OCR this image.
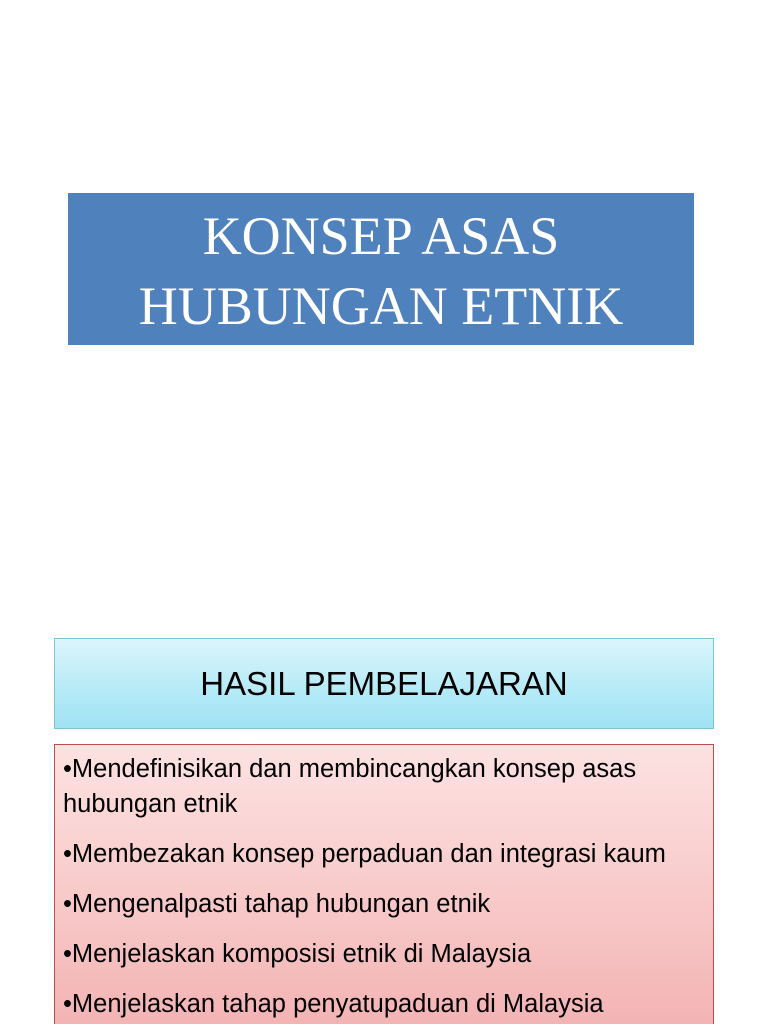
KONSEP ASAS
HUBUNGAN ETNIK
HASIL PEMBELAJARAN
•Mendefinisikan dan membincangkan konsep asas hubungan etnik
•Membezakan konsep perpaduan dan integrasi kaum
•Mengenalpasti tahap hubungan etnik
•Menjelaskan komposisi etnik di Malaysia
•Menjelaskan tahap penyatupaduan di Malaysia
